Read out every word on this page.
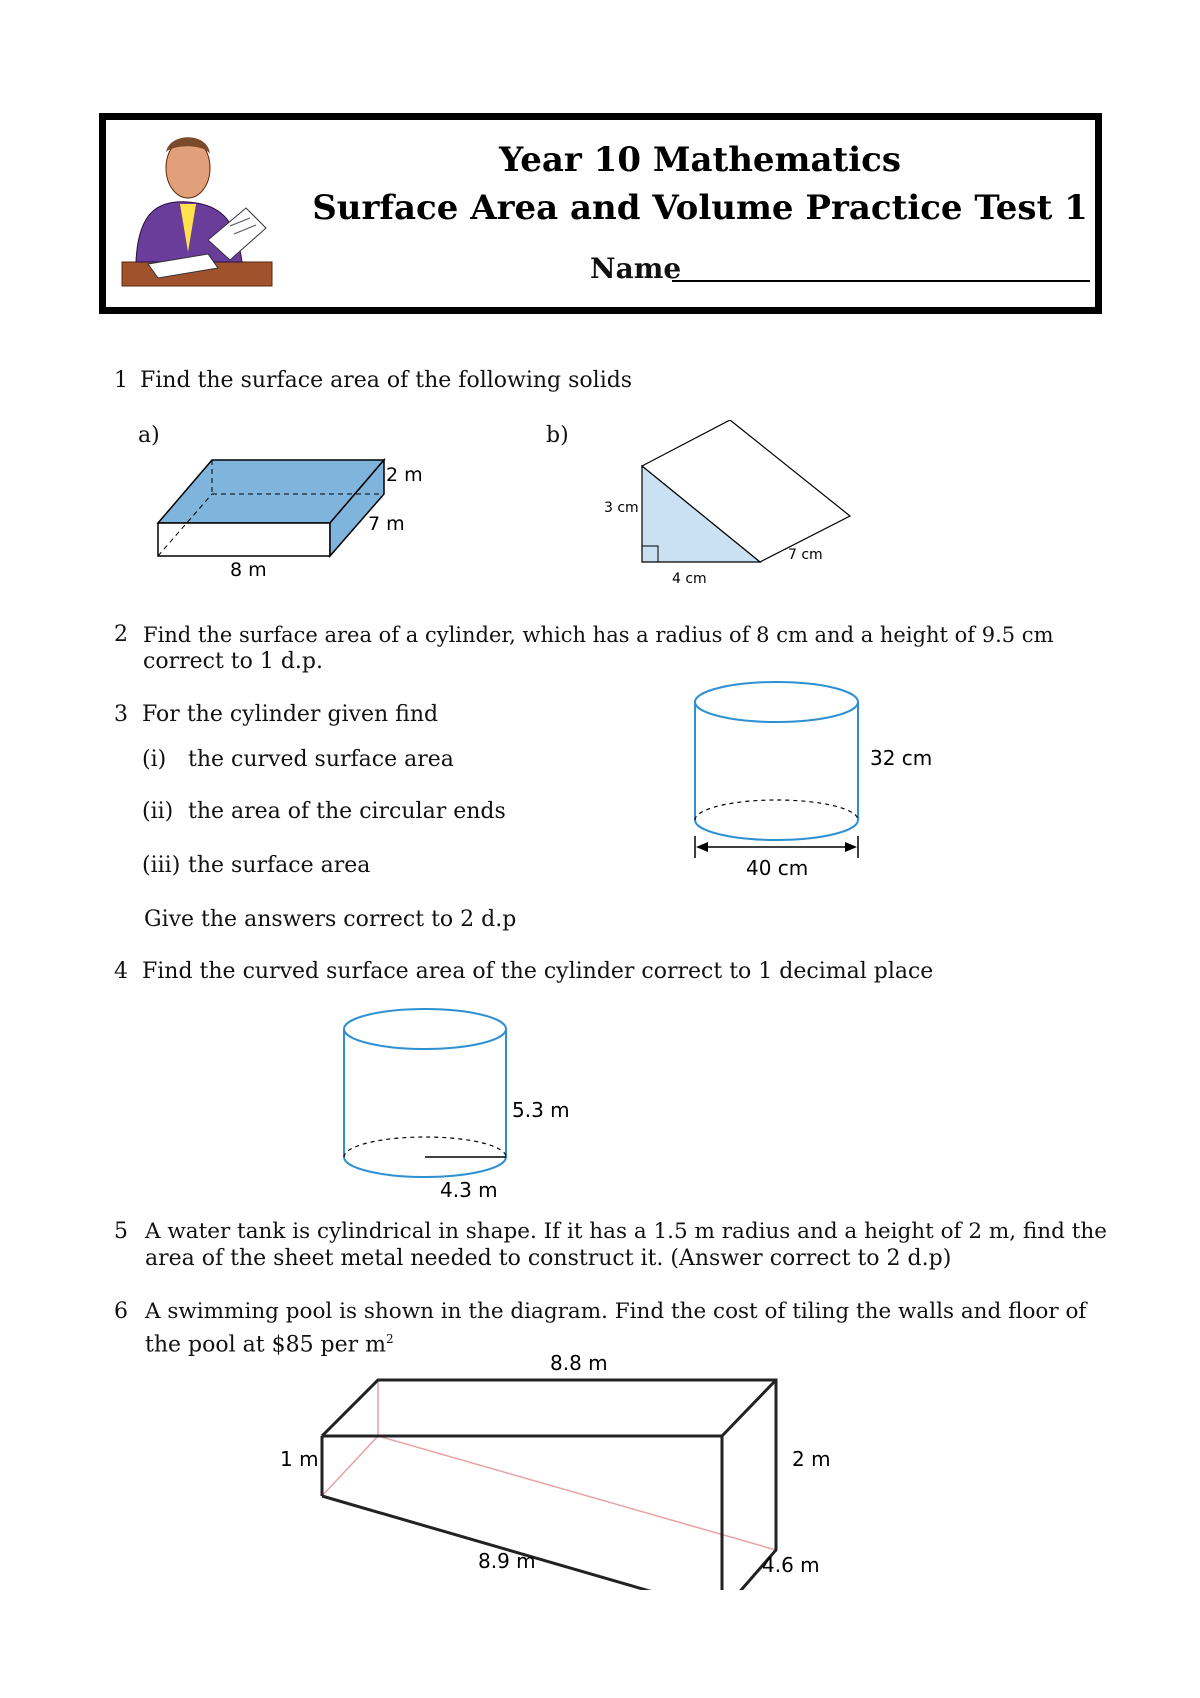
Year 10 Mathematics
Surface Area and Volume Practice Test 1
Name
1 Find the surface area of the following solids
a)	b)
2 m
7 m
8 m
3 cm
4 cm
7 cm
2 Find the surface area of a cylinder, which has a radius of 8 cm and a height of 9.5 cm
correct to 1 d.p.
3 For the cylinder given find
(i) the curved surface area
(ii) the area of the circular ends
(iii) the surface area
Give the answers correct to 2 d.p
32 cm
40 cm
4 Find the curved surface area of the cylinder correct to 1 decimal place
5.3 m
4.3 m
5 A water tank is cylindrical in shape. If it has a 1.5 m radius and a height of 2 m, find the
area of the sheet metal needed to construct it. (Answer correct to 2 d.p)
6 A swimming pool is shown in the diagram. Find the cost of tiling the walls and floor of
the pool at $85 per $m^2$
8.8 m
1 m	2 m
8.9 m	4.6 m
